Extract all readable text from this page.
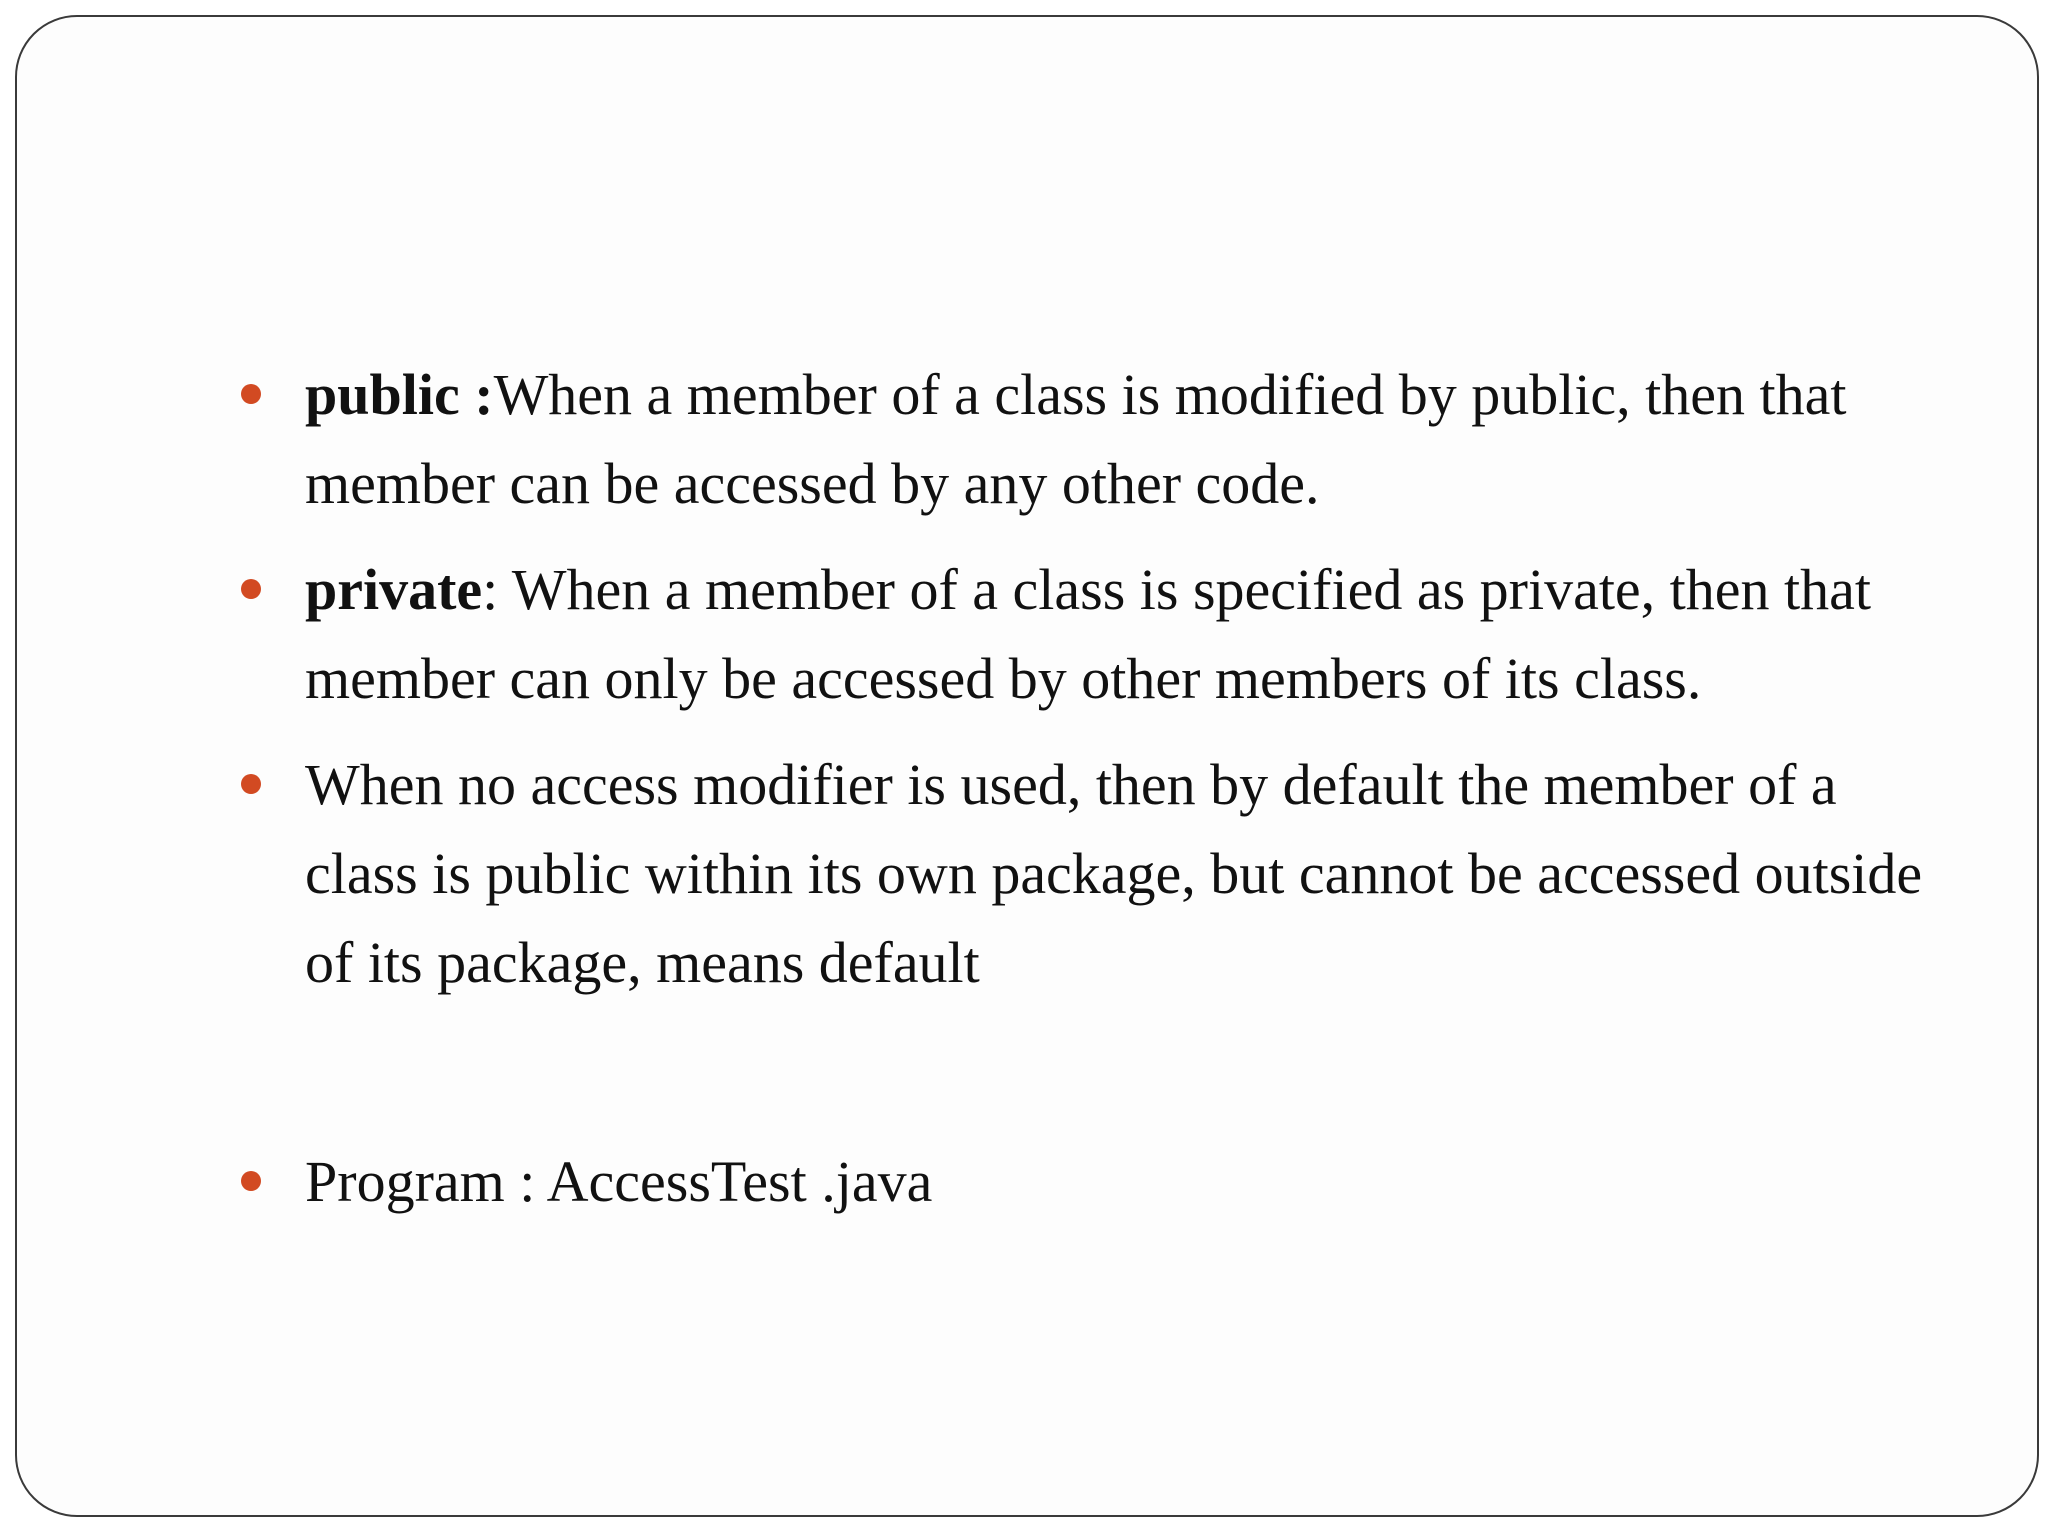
public :When a member of a class is modified by public, then that member can be accessed by any other code.
private: When a member of a class is specified as private, then that member can only be accessed by other members of its class.
When no access modifier is used, then by default the member of a class is public within its own package, but cannot be accessed outside of its package, means default
Program : AccessTest .java
